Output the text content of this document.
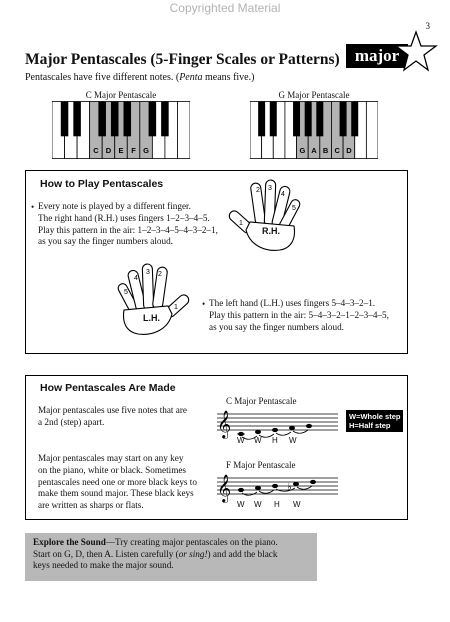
Copyrighted Material
3
Major Pentascales (5-Finger Scales or Patterns) major
Pentascales have five different notes. (Penta means five.)
C Major Pentascale
C D E F G
G Major Pentascale
G A B C D
How to Play Pentascales
• Every note is played by a different finger.
The right hand (R.H.) uses fingers 1–2–3–4–5.
Play this pattern in the air: 1–2–3–4–5–4–3–2–1,
as you say the finger numbers aloud.
1
2 3
4
5
R.H.
5
4
3 2
1
L.H.
• The left hand (L.H.) uses fingers 5–4–3–2–1.
Play this pattern in the air: 5–4–3–2–1–2–3–4–5,
as you say the finger numbers aloud.
How Pentascales Are Made
Major pentascales use five notes that are
a 2nd (step) apart.
Major pentascales may start on any key
on the piano, white or black. Sometimes
pentascales need one or more black keys to
make them sound major. These black keys
are written as sharps or flats.
C Major Pentascale
𝄞
W W H W
W=Whole step
H=Half step
F Major Pentascale
𝄞	♭
W W H W
Explore the Sound—Try creating major pentascales on the piano.
Start on G, D, then A. Listen carefully (or sing!) and add the black
keys needed to make the major sound.
